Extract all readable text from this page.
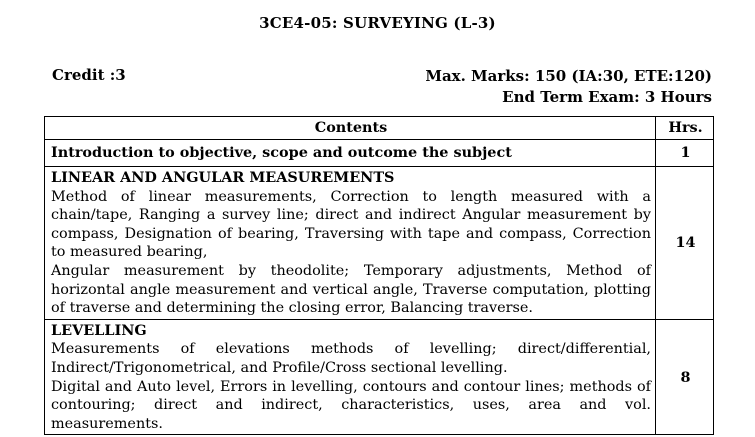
3CE4-05: SURVEYING (L-3)
Credit :3	Max. Marks: 150 (IA:30, ETE:120)
End Term Exam: 3 Hours
Contents	Hrs.
Introduction to objective, scope and outcome the subject	1

LINEAR AND ANGULAR MEASUREMENTS
Method of linear measurements, Correction to length measured with a chain/tape, Ranging a survey line; direct and indirect Angular measurement by compass, Designation of bearing, Traversing with tape and compass, Correction to measured bearing,
Angular measurement by theodolite; Temporary adjustments, Method of horizontal angle measurement and vertical angle, Traverse computation, plotting of traverse and determining the closing error, Balancing traverse.	14

LEVELLING
Measurements of elevations methods of levelling; direct/differential, Indirect/Trigonometrical, and Profile/Cross sectional levelling.
Digital and Auto level, Errors in levelling, contours and contour lines; methods of contouring; direct and indirect, characteristics, uses, area and vol. measurements.	8
